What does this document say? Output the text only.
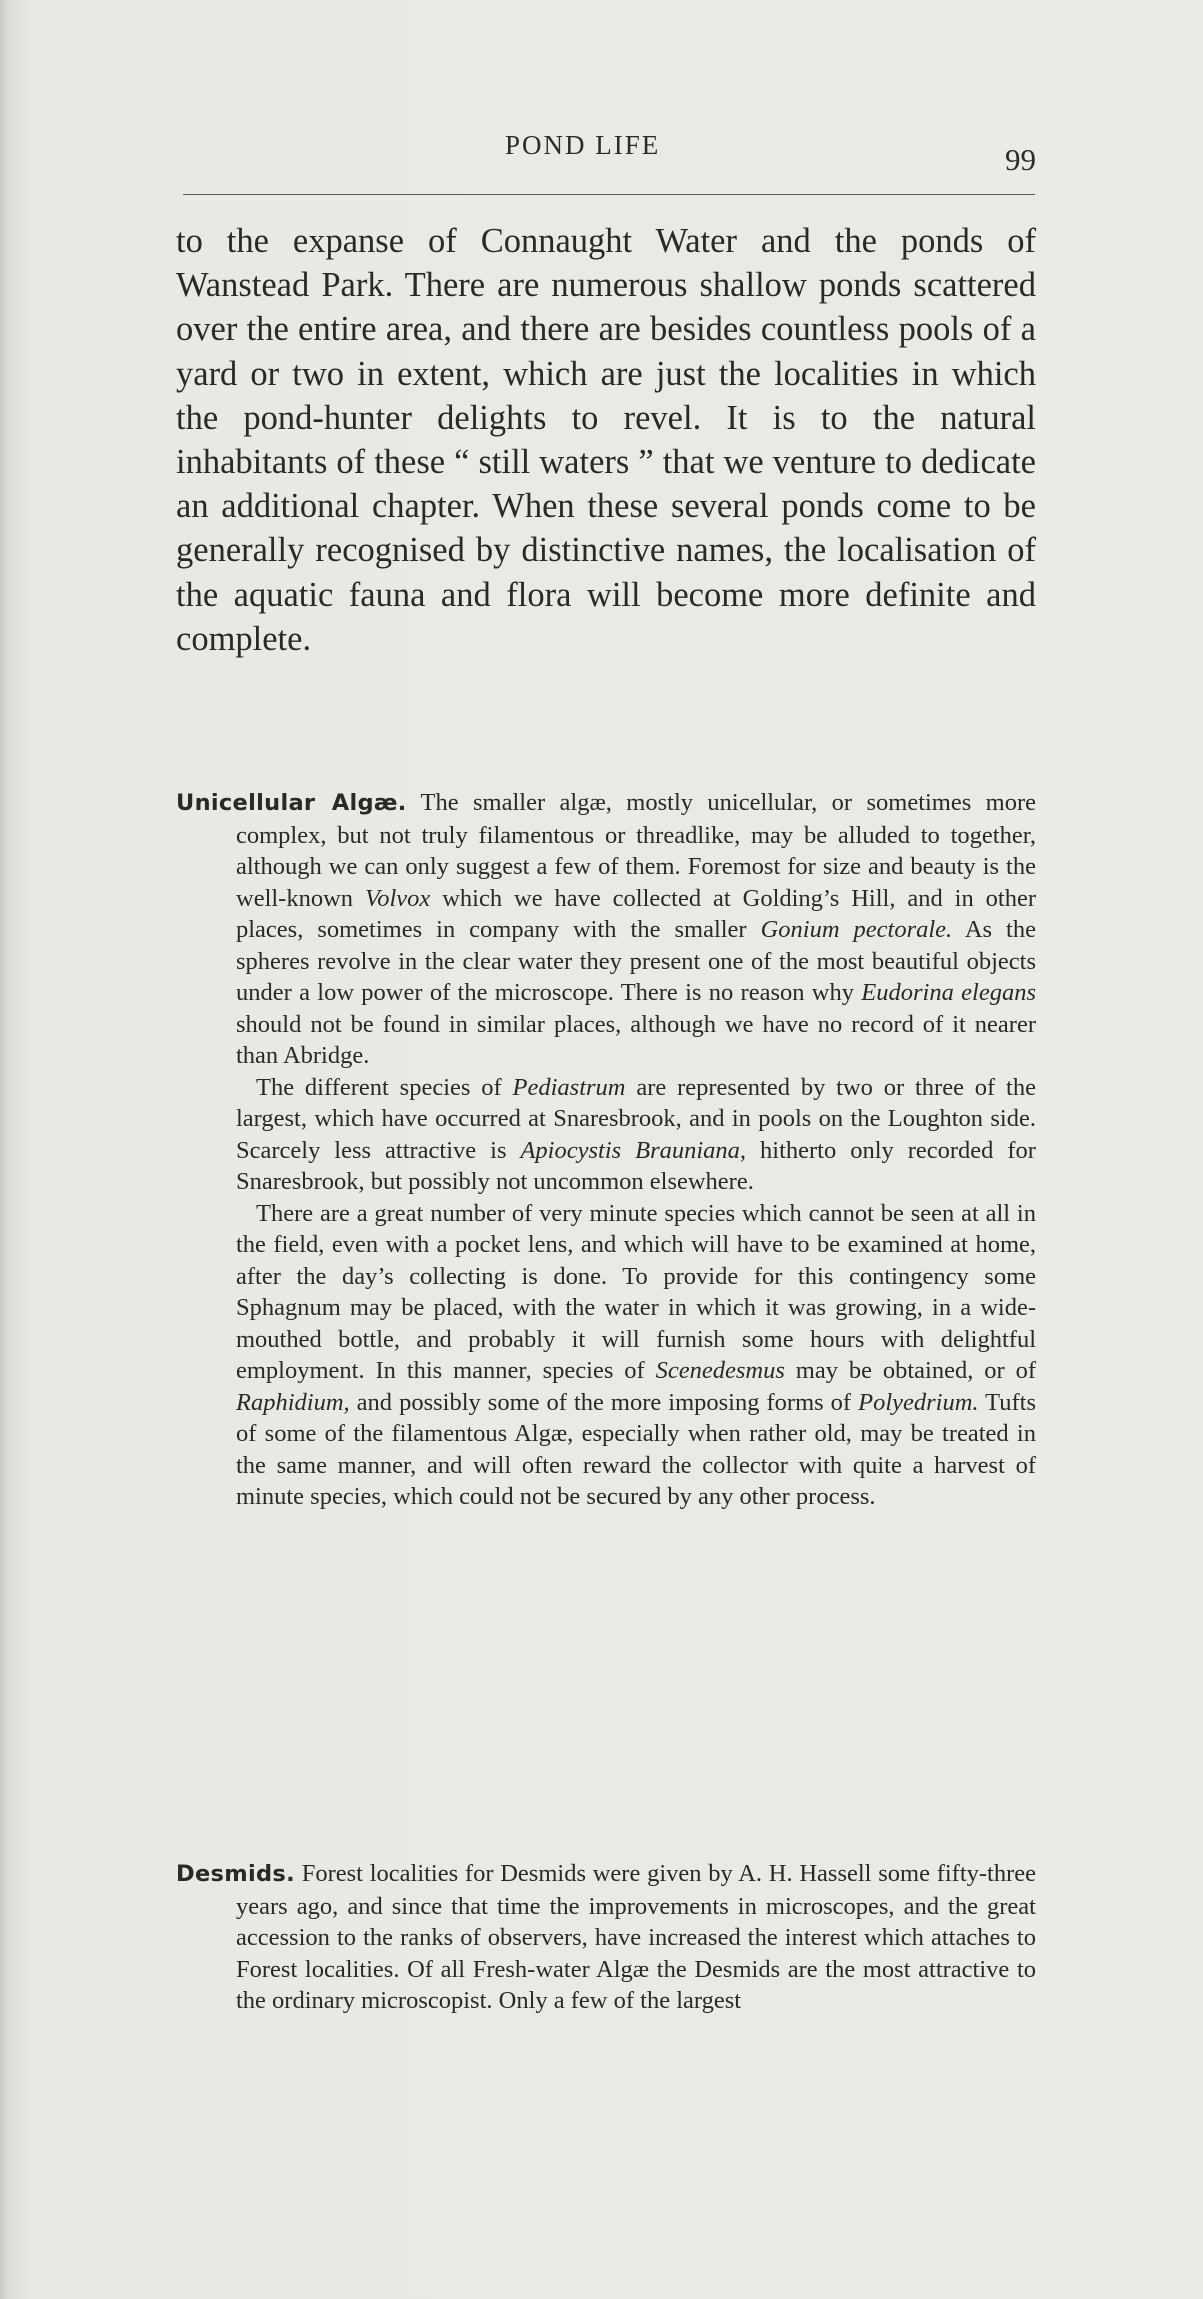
POND LIFE	99
to the expanse of Connaught Water and the ponds of Wanstead Park. There are numerous shallow ponds scattered over the entire area, and there are besides countless pools of a yard or two in extent, which are just the localities in which the pond-hunter delights to revel. It is to the natural inhabitants of these “ still waters ” that we venture to dedicate an additional chapter. When these several ponds come to be generally recognised by distinctive names, the localisation of the aquatic fauna and flora will become more definite and complete.

Unicellular Algæ. The smaller algæ, mostly unicellular, or sometimes more complex, but not truly filamentous or threadlike, may be alluded to together, although we can only suggest a few of them. Foremost for size and beauty is the well-known Volvox which we have collected at Golding’s Hill, and in other places, sometimes in company with the smaller Gonium pectorale. As the spheres revolve in the clear water they present one of the most beautiful objects under a low power of the microscope. There is no reason why Eudorina elegans should not be found in similar places, although we have no record of it nearer than Abridge.

The different species of Pediastrum are represented by two or three of the largest, which have occurred at Snaresbrook, and in pools on the Loughton side. Scarcely less attractive is Apiocystis Brauniana, hitherto only recorded for Snaresbrook, but possibly not uncommon elsewhere.

There are a great number of very minute species which cannot be seen at all in the field, even with a pocket lens, and which will have to be examined at home, after the day’s collecting is done. To provide for this contingency some Sphagnum may be placed, with the water in which it was growing, in a wide-mouthed bottle, and probably it will furnish some hours with delightful employment. In this manner, species of Scenedesmus may be obtained, or of Raphidium, and possibly some of the more imposing forms of Polyedrium. Tufts of some of the filamentous Algæ, especially when rather old, may be treated in the same manner, and will often reward the collector with quite a harvest of minute species, which could not be secured by any other process.

Desmids. Forest localities for Desmids were given by A. H. Hassell some fifty-three years ago, and since that time the improvements in microscopes, and the great accession to the ranks of observers, have increased the interest which attaches to Forest localities. Of all Fresh-water Algæ the Desmids are the most attractive to the ordinary microscopist. Only a few of the largest
